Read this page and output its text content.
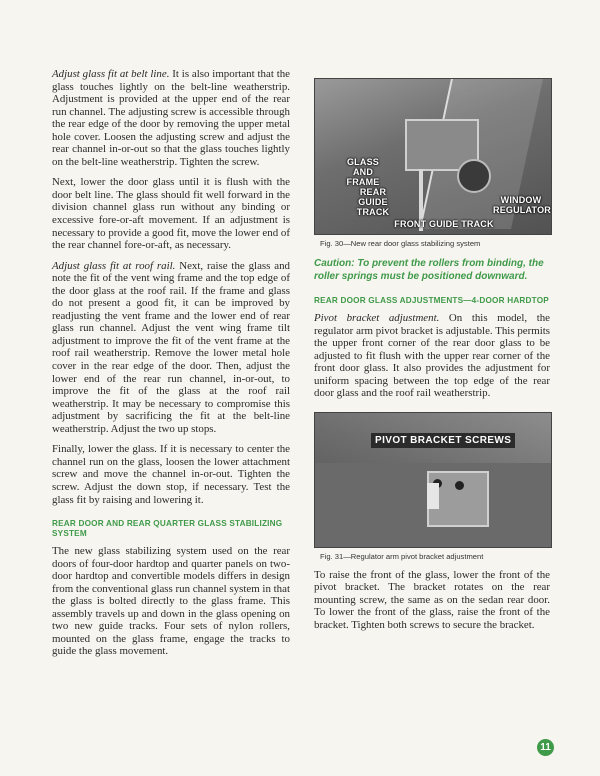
Adjust glass fit at belt line. It is also important that the glass touches lightly on the belt-line weatherstrip. Adjustment is provided at the upper end of the rear run channel. The adjusting screw is accessible through the rear edge of the door by removing the upper metal hole cover. Loosen the adjusting screw and adjust the rear channel in-or-out so that the glass touches lightly on the belt-line weatherstrip. Tighten the screw.

Next, lower the door glass until it is flush with the door belt line. The glass should fit well forward in the division channel glass run without any binding or excessive fore-or-aft movement. If an adjustment is necessary to provide a good fit, move the lower end of the rear channel fore-or-aft, as necessary.

Adjust glass fit at roof rail. Next, raise the glass and note the fit of the vent wing frame and the top edge of the door glass at the roof rail. If the frame and glass do not present a good fit, it can be improved by readjusting the vent frame and the lower end of rear glass run channel. Adjust the vent wing frame tilt adjustment to improve the fit of the vent frame at the roof rail weatherstrip. Remove the lower metal hole cover in the rear edge of the door. Then, adjust the lower end of the rear run channel, in-or-out, to improve the fit of the glass at the roof rail weatherstrip. It may be necessary to compromise this adjustment by sacrificing the fit at the belt-line weatherstrip. Adjust the two up stops.

Finally, lower the glass. If it is necessary to center the channel run on the glass, loosen the lower attachment screw and move the channel in-or-out. Tighten the screw. Adjust the down stop, if necessary. Test the glass fit by raising and lowering it.

REAR DOOR AND REAR QUARTER GLASS STABILIZING SYSTEM

The new glass stabilizing system used on the rear doors of four-door hardtop and quarter panels on two-door hardtop and convertible models differs in design from the conventional glass run channel system in that the glass is bolted directly to the glass frame. This assembly travels up and down in the glass opening on two new guide tracks. Four sets of nylon rollers, mounted on the glass frame, engage the tracks to guide the glass movement.

GLASS AND FRAME
REAR GUIDE TRACK
WINDOW REGULATOR
FRONT GUIDE TRACK
Fig. 30—New rear door glass stabilizing system
Caution: To prevent the rollers from binding, the roller springs must be positioned downward.
REAR DOOR GLASS ADJUSTMENTS—4-DOOR HARDTOP

Pivot bracket adjustment. On this model, the regulator arm pivot bracket is adjustable. This permits the upper front corner of the rear door glass to be adjusted to fit flush with the upper rear corner of the front door glass. It also provides the adjustment for uniform spacing between the top edge of the rear door glass and the roof rail weatherstrip.

PIVOT BRACKET SCREWS
Fig. 31—Regulator arm pivot bracket adjustment

To raise the front of the glass, lower the front of the pivot bracket. The bracket rotates on the rear mounting screw, the same as on the sedan rear door. To lower the front of the glass, raise the front of the bracket. Tighten both screws to secure the bracket.

11
